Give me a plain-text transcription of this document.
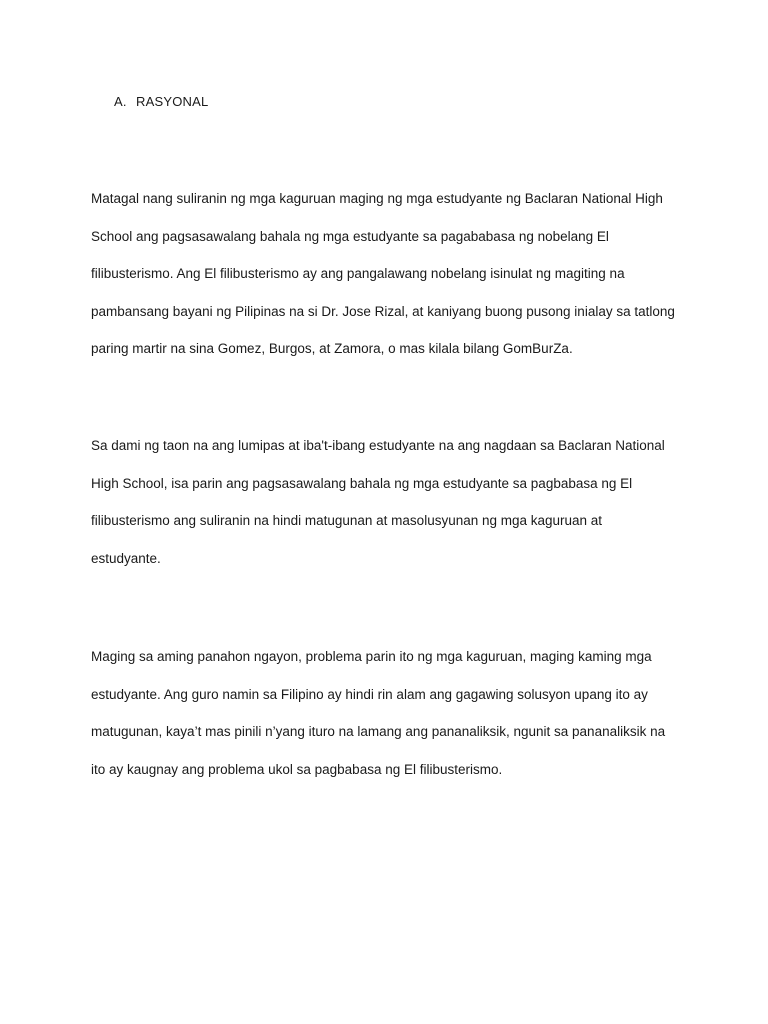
A. RASYONAL

Matagal nang suliranin ng mga kaguruan maging ng mga estudyante ng Baclaran National High
School ang pagsasawalang bahala ng mga estudyante sa pagababasa ng nobelang El
filibusterismo. Ang El filibusterismo ay ang pangalawang nobelang isinulat ng magiting na
pambansang bayani ng Pilipinas na si Dr. Jose Rizal, at kaniyang buong pusong inialay sa tatlong
paring martir na sina Gomez, Burgos, at Zamora, o mas kilala bilang GomBurZa.

Sa dami ng taon na ang lumipas at iba't-ibang estudyante na ang nagdaan sa Baclaran National
High School, isa parin ang pagsasawalang bahala ng mga estudyante sa pagbabasa ng El
filibusterismo ang suliranin na hindi matugunan at masolusyunan ng mga kaguruan at
estudyante.

Maging sa aming panahon ngayon, problema parin ito ng mga kaguruan, maging kaming mga
estudyante. Ang guro namin sa Filipino ay hindi rin alam ang gagawing solusyon upang ito ay
matugunan, kaya’t mas pinili n’yang ituro na lamang ang pananaliksik, ngunit sa pananaliksik na
ito ay kaugnay ang problema ukol sa pagbabasa ng El filibusterismo.
